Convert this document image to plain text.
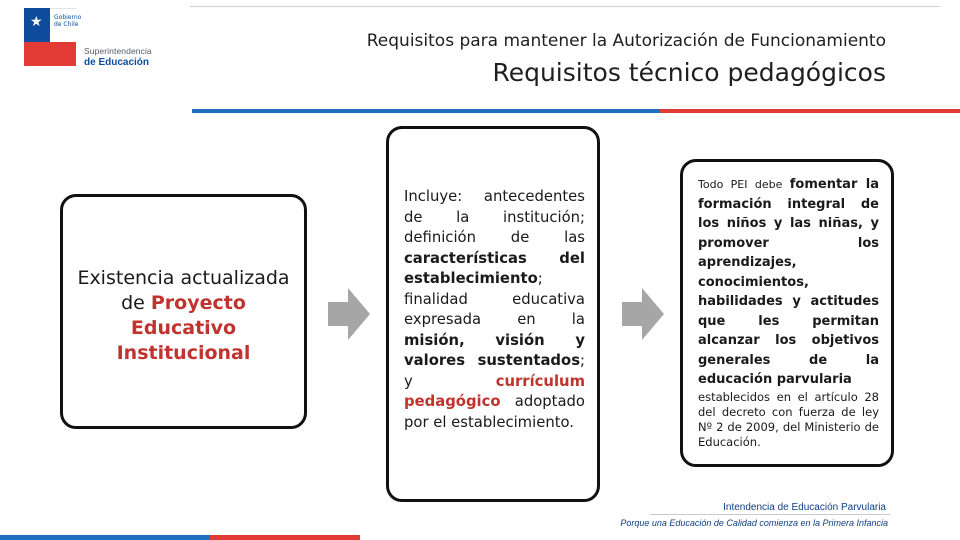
★ Gobierno
de Chile
Superintendencia
de Educación
Requisitos para mantener la Autorización de Funcionamiento
Requisitos técnico pedagógicos
Existencia actualizada
de Proyecto
Educativo
Institucional
Incluye: antecedentes de la institución; definición de las características del establecimiento; finalidad educativa expresada en la misión, visión y valores sustentados; y currículum pedagógico adoptado por el establecimiento.
Todo PEI debe fomentar la formación integral de los niños y las niñas, y promover los aprendizajes, conocimientos, habilidades y actitudes que les permitan alcanzar los objetivos generales de la educación parvularia
establecidos en el artículo 28 del decreto con fuerza de ley Nº 2 de 2009, del Ministerio de Educación.
Intendencia de Educación Parvularia
Porque una Educación de Calidad comienza en la Primera Infancia
